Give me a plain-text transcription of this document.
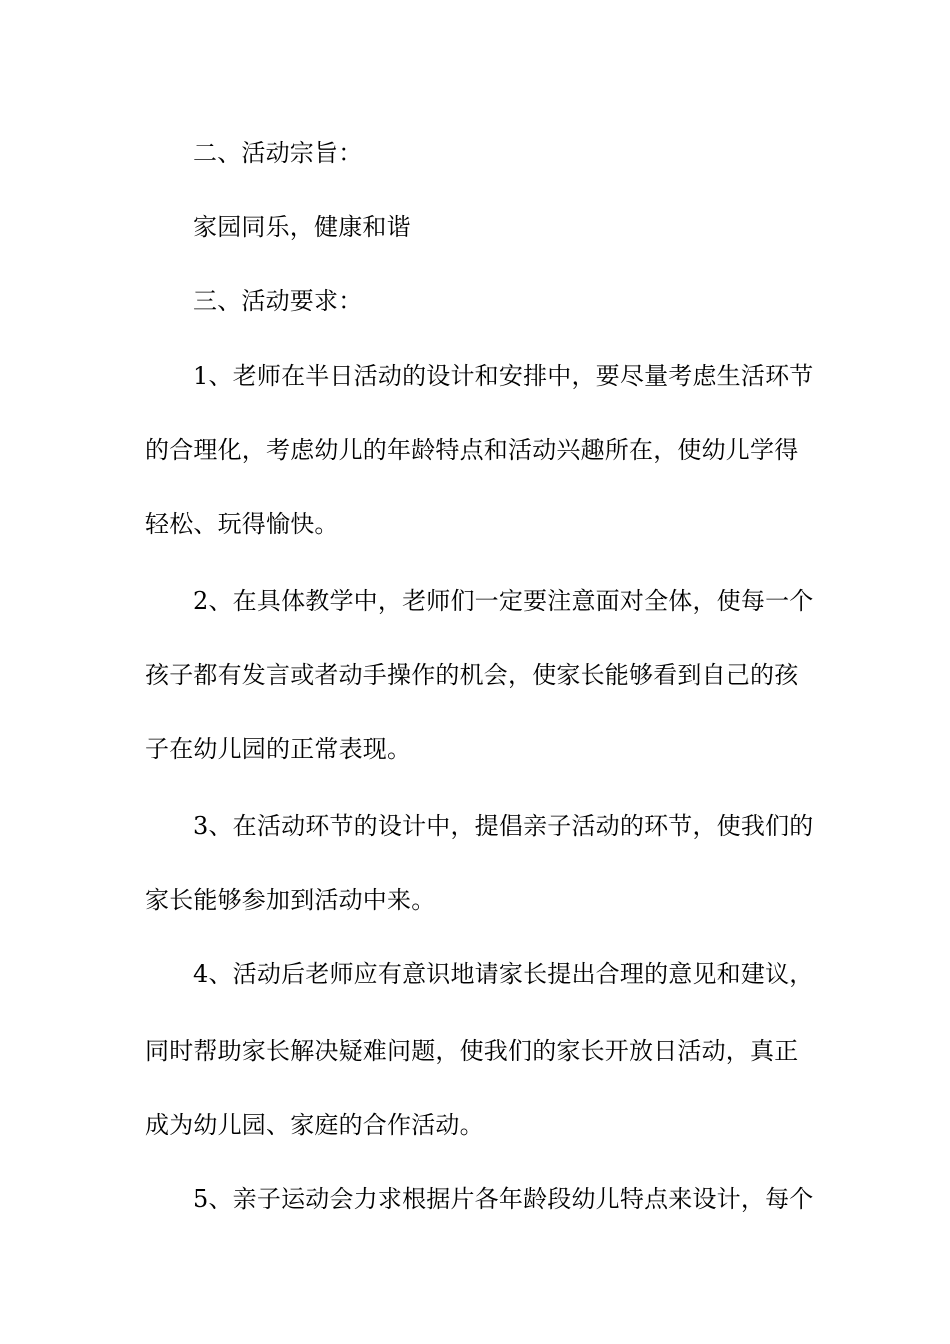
二、活动宗旨：
家园同乐，健康和谐
三、活动要求：
1、老师在半日活动的设计和安排中，要尽量考虑生活环节
的合理化，考虑幼儿的年龄特点和活动兴趣所在，使幼儿学得
轻松、玩得愉快。
2、在具体教学中，老师们一定要注意面对全体，使每一个
孩子都有发言或者动手操作的机会，使家长能够看到自己的孩
子在幼儿园的正常表现。
3、在活动环节的设计中，提倡亲子活动的环节，使我们的
家长能够参加到活动中来。
4、活动后老师应有意识地请家长提出合理的意见和建议，
同时帮助家长解决疑难问题，使我们的家长开放日活动，真正
成为幼儿园、家庭的合作活动。
5、亲子运动会力求根据片各年龄段幼儿特点来设计，每个
